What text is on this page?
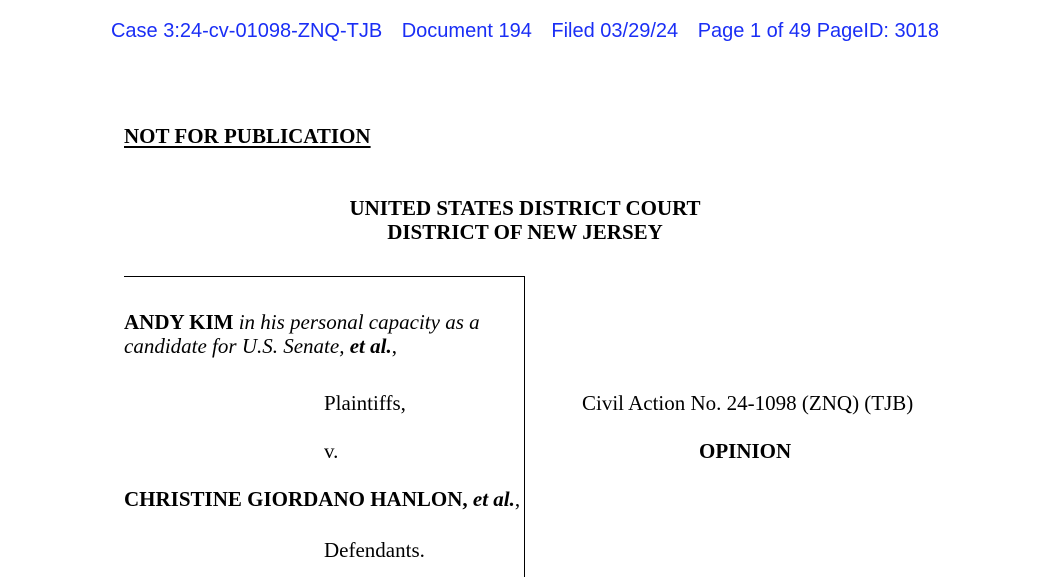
Case 3:24-cv-01098-ZNQ-TJB Document 194 Filed 03/29/24 Page 1 of 49 PageID: 3018
NOT FOR PUBLICATION
UNITED STATES DISTRICT COURT
DISTRICT OF NEW JERSEY
ANDY KIM in his personal capacity as a candidate for U.S. Senate, et al.,
Plaintiffs,
v.
CHRISTINE GIORDANO HANLON, et al.,
Defendants.
Civil Action No. 24-1098 (ZNQ) (TJB)
OPINION
